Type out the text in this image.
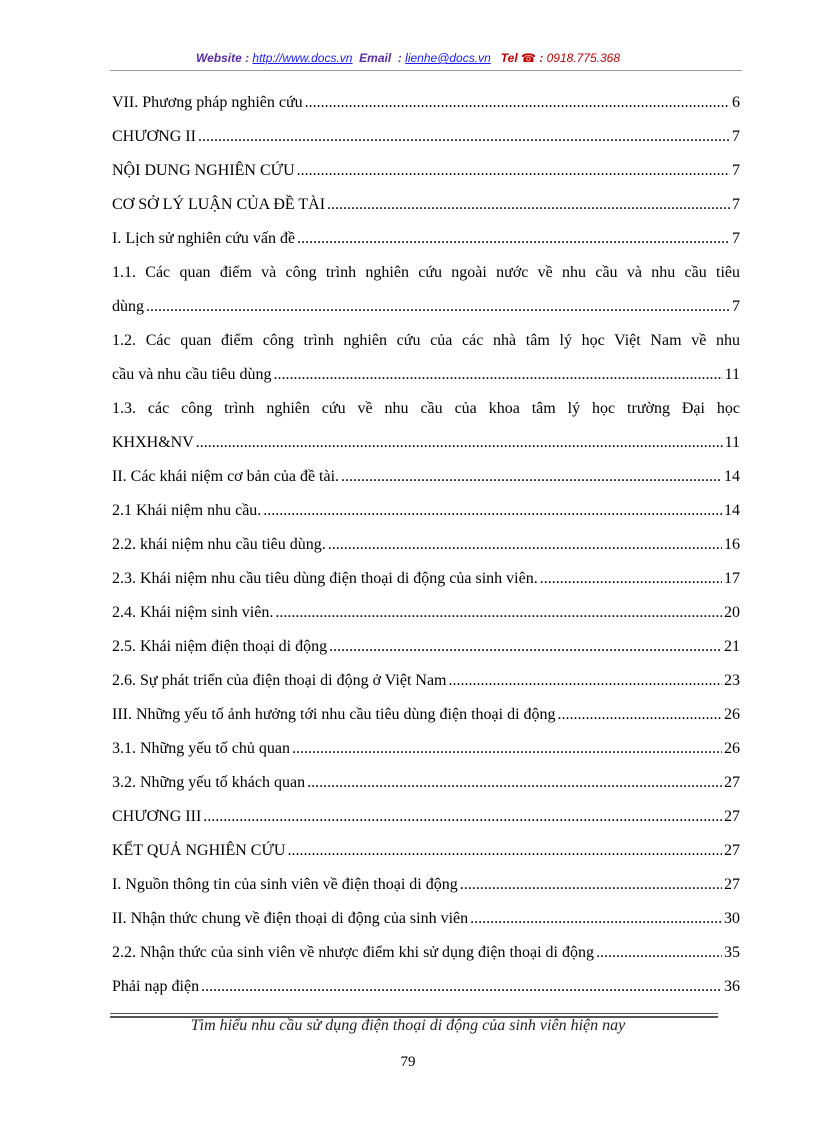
Website : http://www.docs.vn Email : lienhe@docs.vn Tel ☎ : 0918.775.368
VII. Phương pháp nghiên cứu .....	6
CHƯƠNG II .....	7
NỘI DUNG NGHIÊN CỨU .....	7
CƠ SỞ LÝ LUẬN CỦA ĐỀ TÀI .....	7
I. Lịch sử nghiên cứu vấn đề .....	7
1.1. Các quan điểm và công trình nghiên cứu ngoài nước về nhu cầu và nhu cầu tiêu
dùng .....	7
1.2. Các quan điểm công trình nghiên cứu của các nhà tâm lý học Việt Nam về nhu
cầu và nhu cầu tiêu dùng .....	11
1.3. các công trình nghiên cứu về nhu cầu của khoa tâm lý học trường Đại học
KHXH&NV .....	11
II. Các khái niệm cơ bản của đề tài. .....	14
2.1 Khái niệm nhu cầu. .....	14
2.2. khái niệm nhu cầu tiêu dùng. .....	16
2.3. Khái niệm nhu cầu tiêu dùng điện thoại di động của sinh viên. .....	17
2.4. Khái niệm sinh viên. .....	20
2.5. Khái niệm điện thoại di động .....	21
2.6. Sự phát triển của điện thoại di động ở Việt Nam .....	23
III. Những yếu tố ảnh hưởng tới nhu cầu tiêu dùng điện thoại di động .....	26
3.1. Những yếu tố chủ quan .....	26
3.2. Những yếu tố khách quan .....	27
CHƯƠNG III .....	27
KẾT QUẢ NGHIÊN CỨU .....	27
I. Nguồn thông tin của sinh viên về điện thoại di động .....	27
II. Nhận thức chung về điện thoại di động của sinh viên .....	30
2.2. Nhận thức của sinh viên về nhược điểm khi sử dụng điện thoại di động .....	35
Phải nạp điện .....	36
Tìm hiểu nhu cầu sử dụng điện thoại di động của sinh viên hiện nay
79
